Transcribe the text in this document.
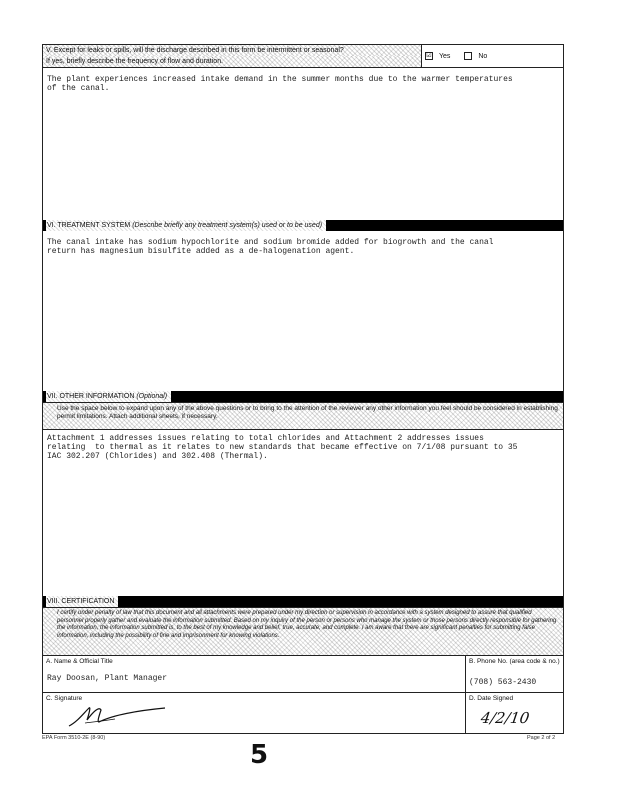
V. Except for leaks or spills, will the discharge described in this form be intermittent or seasonal?
If yes, briefly describe the frequency of flow and duration.
☑ Yes	No
The plant experiences increased intake demand in the summer months due to the warmer temperatures
of the canal.
VI. TREATMENT SYSTEM (Describe briefly any treatment system(s) used or to be used)
The canal intake has sodium hypochlorite and sodium bromide added for biogrowth and the canal
return has magnesium bisulfite added as a de-halogenation agent.
VII. OTHER INFORMATION (Optional)
Use the space below to expand upon any of the above questions or to bring to the attention of the reviewer any other information you feel should be considered in establishing permit limitations. Attach additional sheets, if necessary.
Attachment 1 addresses issues relating to total chlorides and Attachment 2 addresses issues
relating  to thermal as it relates to new standards that became effective on 7/1/08 pursuant to 35
IAC 302.207 (Chlorides) and 302.408 (Thermal).
VIII. CERTIFICATION
I certify under penalty of law that this document and all attachments were prepared under my direction or supervision in accordance with a system designed to assure that qualified personnel properly gather and evaluate the information submitted. Based on my inquiry of the person or persons who manage the system or those persons directly responsible for gathering the information, the information submitted is, to the best of my knowledge and belief, true, accurate, and complete. I am aware that there are significant penalties for submitting false information, including the possibility of fine and imprisonment for knowing violations.
A. Name & Official Title
Ray Doosan, Plant Manager
B. Phone No. (area code & no.)
(708) 563-2430
C. Signature	D. Date Signed
4/2/10
EPA Form 3510-2E (8-90)	Page 2 of 2
5
